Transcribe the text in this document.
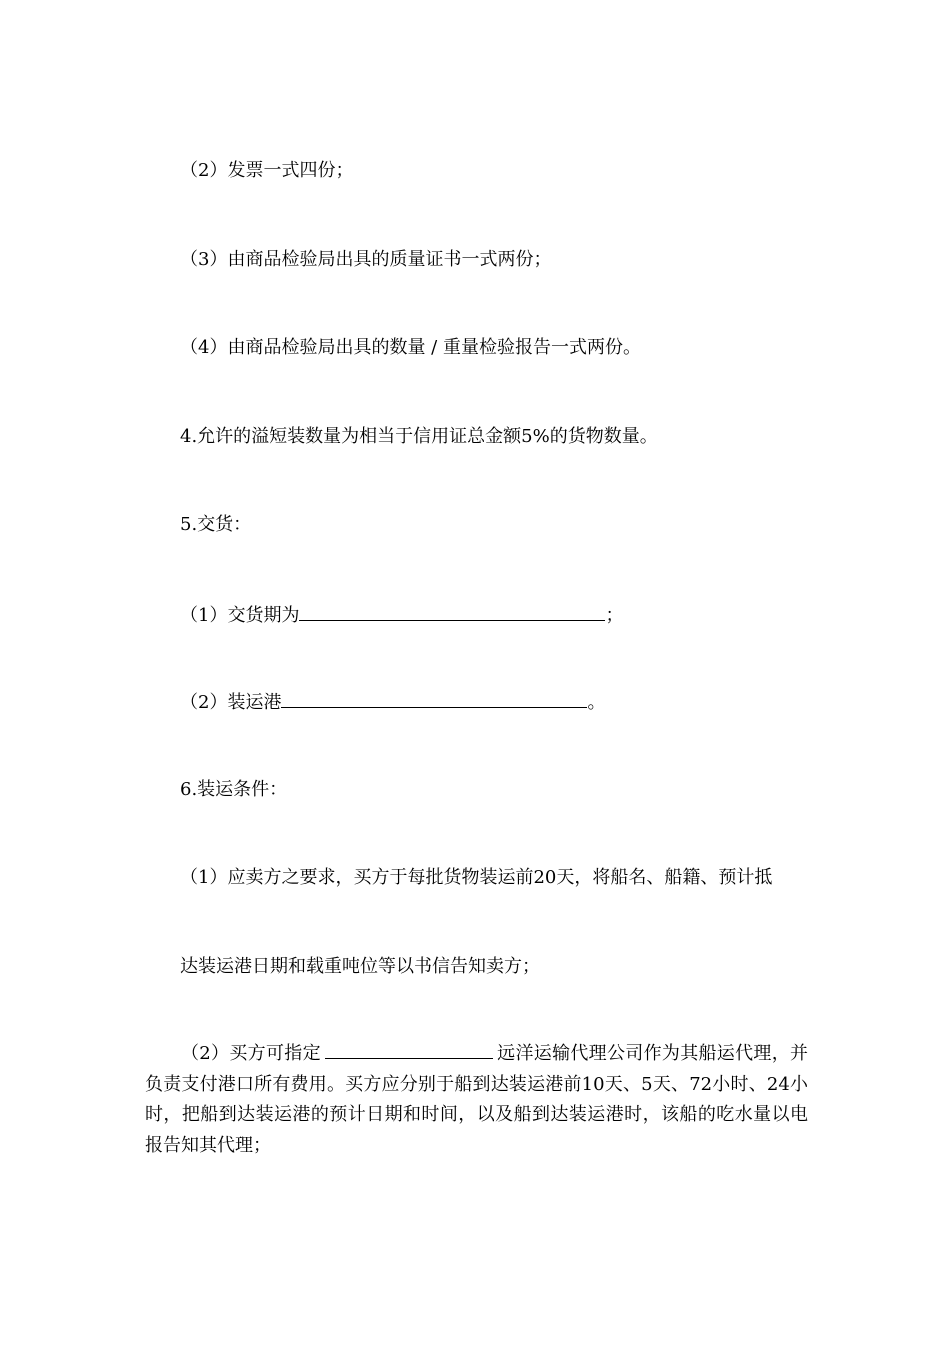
（2）发票一式四份；
（3）由商品检验局出具的质量证书一式两份；
（4）由商品检验局出具的数量 / 重量检验报告一式两份。
4.允许的溢短装数量为相当于信用证总金额5%的货物数量。
5.交货：
（1）交货期为	；
（2）装运港	。
6.装运条件：
（1）应卖方之要求，买方于每批货物装运前20天，将船名、船籍、预计抵
达装运港日期和载重吨位等以书信告知卖方；
（2）买方可指定	远洋运输代理公司作为其船运代理，并负责支付港口所有费用。买方应分别于船到达装运港前10天、5天、72小时、24小时，把船到达装运港的预计日期和时间，以及船到达装运港时，该船的吃水量以电报告知其代理；
